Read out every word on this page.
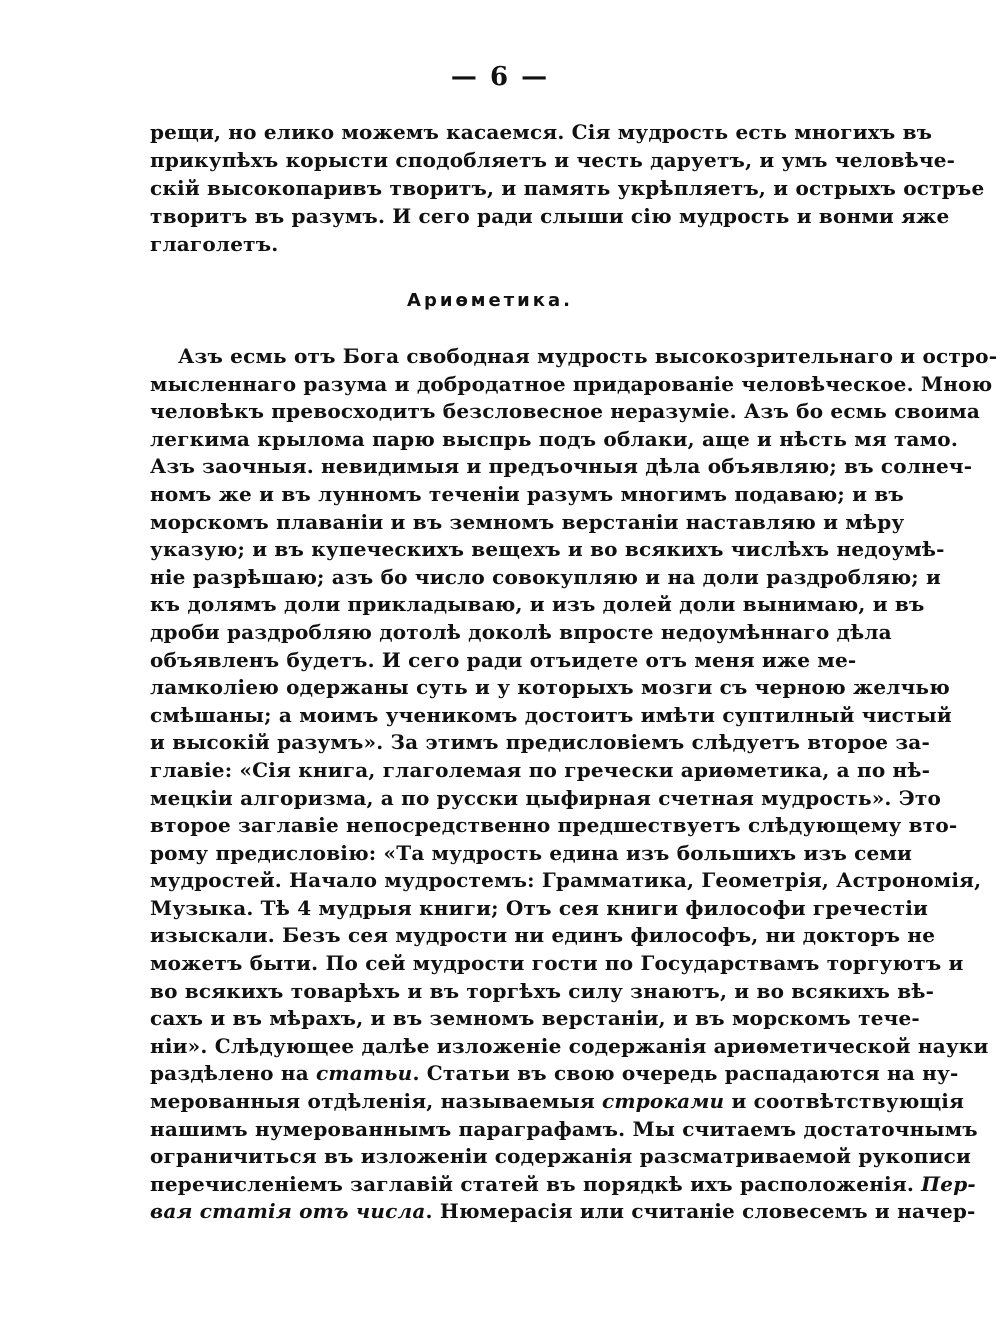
— 6 —
рещи, но елико можемъ касаемся. Сія мудрость есть многихъ въ
прикупѣхъ корысти сподобляетъ и честь даруетъ, и умъ человѣче-
скій высокопаривъ творитъ, и память укрѣпляетъ, и острыхъ остръе
творитъ въ разумъ. И сего ради слыши сію мудрость и вонми яже
глаголетъ.
Ариѳметика.
Азъ есмь отъ Бога свободная мудрость высокозрительнаго и остро-
мысленнаго разума и добродатное придарованіе человѣческое. Мною
человѣкъ превосходитъ безсловесное неразуміе. Азъ бо есмь своима
легкима крылома парю выспрь подъ облаки, аще и нѣсть мя тамо.
Азъ заочныя. невидимыя и предъочныя дѣла объявляю; въ солнеч-
номъ же и въ лунномъ теченіи разумъ многимъ подаваю; и въ
морскомъ плаваніи и въ земномъ верстаніи наставляю и мѣру
указую; и въ купеческихъ вещехъ и во всякихъ числѣхъ недоумѣ-
ніе разрѣшаю; азъ бо число совокупляю и на доли раздробляю; и
къ долямъ доли прикладываю, и изъ долей доли вынимаю, и въ
дроби раздробляю дотолѣ доколѣ впросте недоумѣннаго дѣла
объявленъ будетъ. И сего ради отъидете отъ меня иже ме-
ламколіею одержаны суть и у которыхъ мозги съ черною желчью
смѣшаны; а моимъ ученикомъ достоитъ имѣти суптилный чистый
и высокій разумъ». За этимъ предисловіемъ слѣдуетъ второе за-
главіе: «Сія книга, глаголемая по гречески ариѳметика, а по нѣ-
мецкіи алгоризма, а по русски цыфирная счетная мудрость». Это
второе заглавіе непосредственно предшествуетъ слѣдующему вто-
рому предисловію: «Та мудрость едина изъ большихъ изъ семи
мудростей. Начало мудростемъ: Грамматика, Геометрія, Астрономія,
Музыка. Тѣ 4 мудрыя книги; Отъ сея книги философи гречестіи
изыскали. Безъ сея мудрости ни единъ философъ, ни докторъ не
можетъ быти. По сей мудрости гости по Государствамъ торгуютъ и
во всякихъ товарѣхъ и въ торгѣхъ силу знаютъ, и во всякихъ вѣ-
сахъ и въ мѣрахъ, и въ земномъ верстаніи, и въ морскомъ тече-
ніи». Слѣдующее далѣе изложеніе содержанія ариѳметической науки
раздѣлено на статьи. Статьи въ свою очередь распадаются на ну-
мерованныя отдѣленія, называемыя строками и соотвѣтствующія
нашимъ нумерованнымъ параграфамъ. Мы считаемъ достаточнымъ
ограничиться въ изложеніи содержанія разсматриваемой рукописи
перечисленіемъ заглавій статей въ порядкѣ ихъ расположенія. Пер-
вая статія отъ числа. Нюмерасія или считаніе словесемъ и начер-
